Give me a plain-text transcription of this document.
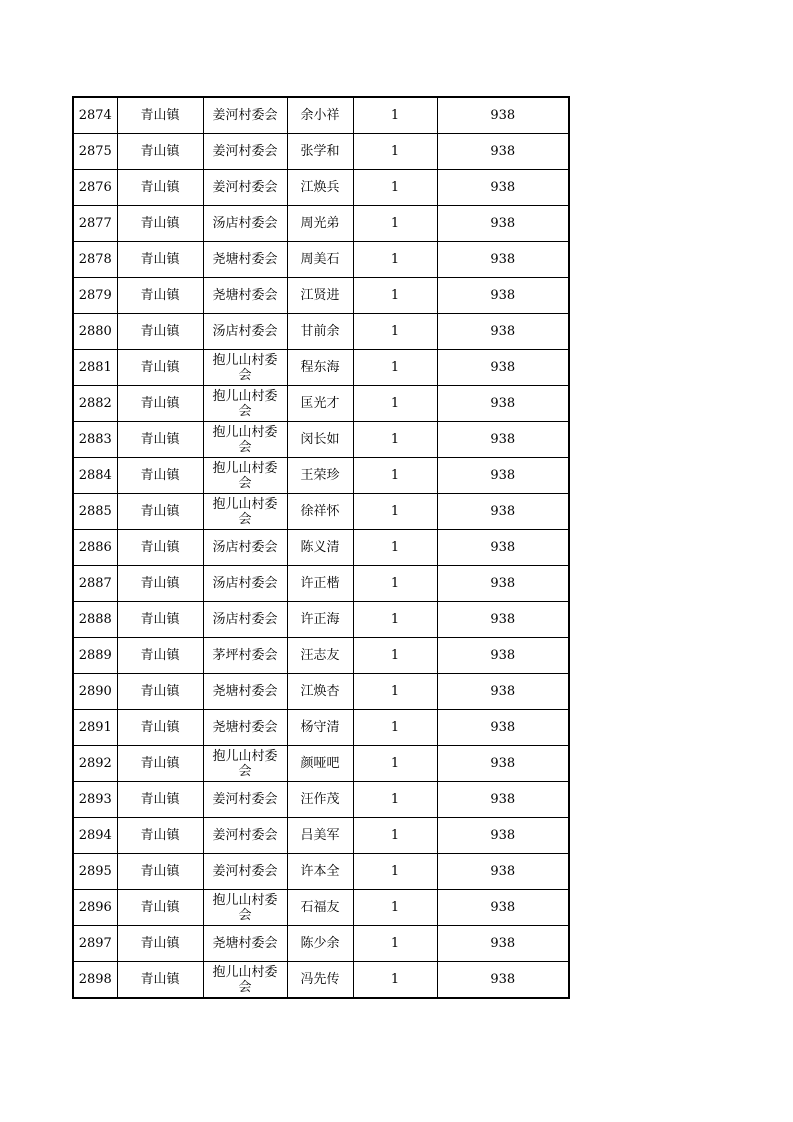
2874	青山镇	姜河村委会	余小祥	1	938
2875	青山镇	姜河村委会	张学和	1	938
2876	青山镇	姜河村委会	江焕兵	1	938
2877	青山镇	汤店村委会	周光弟	1	938
2878	青山镇	尧塘村委会	周美石	1	938
2879	青山镇	尧塘村委会	江贤进	1	938
2880	青山镇	汤店村委会	甘前余	1	938
2881	青山镇	抱儿山村委会	程东海	1	938
2882	青山镇	抱儿山村委会	匡光才	1	938
2883	青山镇	抱儿山村委会	闵长如	1	938
2884	青山镇	抱儿山村委会	王荣珍	1	938
2885	青山镇	抱儿山村委会	徐祥怀	1	938
2886	青山镇	汤店村委会	陈义清	1	938
2887	青山镇	汤店村委会	许正楷	1	938
2888	青山镇	汤店村委会	许正海	1	938
2889	青山镇	茅坪村委会	汪志友	1	938
2890	青山镇	尧塘村委会	江焕杏	1	938
2891	青山镇	尧塘村委会	杨守清	1	938
2892	青山镇	抱儿山村委会	颜哑吧	1	938
2893	青山镇	姜河村委会	汪作茂	1	938
2894	青山镇	姜河村委会	吕美军	1	938
2895	青山镇	姜河村委会	许本全	1	938
2896	青山镇	抱儿山村委会	石福友	1	938
2897	青山镇	尧塘村委会	陈少余	1	938
2898	青山镇	抱儿山村委会	冯先传	1	938
